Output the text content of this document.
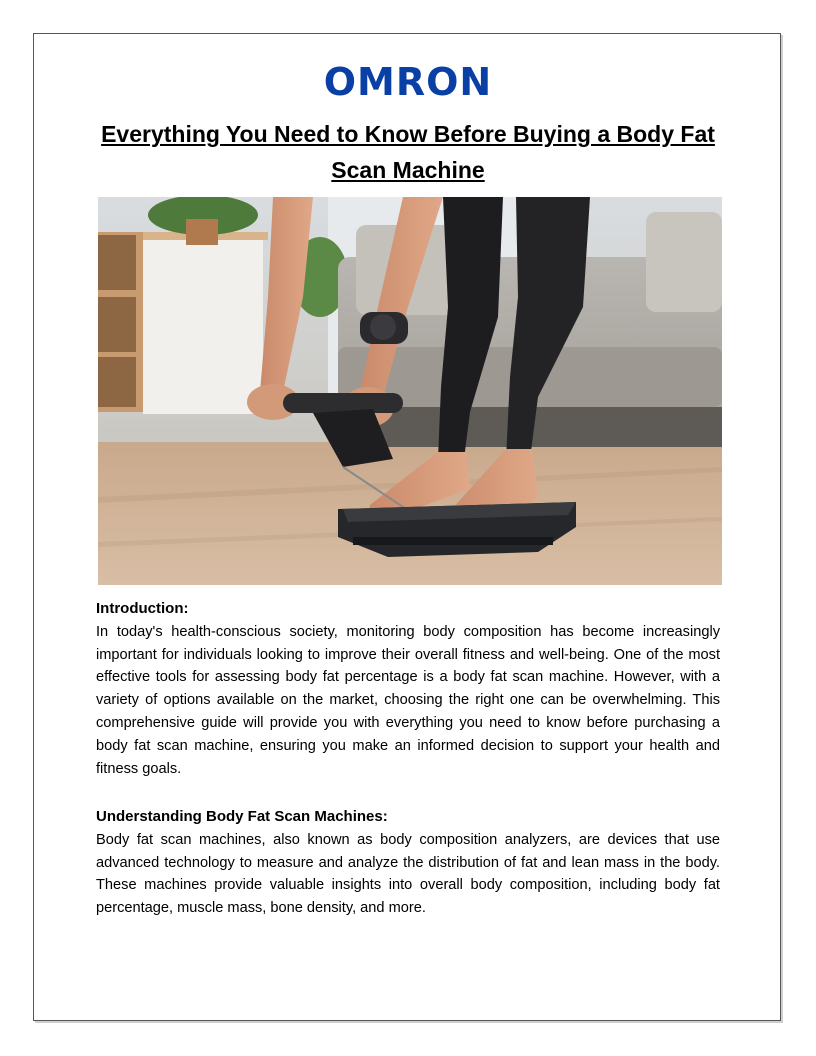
OMRON
Everything You Need to Know Before Buying a Body Fat Scan Machine
Introduction:

In today's health-conscious society, monitoring body composition has become increasingly important for individuals looking to improve their overall fitness and well-being. One of the most effective tools for assessing body fat percentage is a body fat scan machine. However, with a variety of options available on the market, choosing the right one can be overwhelming. This comprehensive guide will provide you with everything you need to know before purchasing a body fat scan machine, ensuring you make an informed decision to support your health and fitness goals.

Understanding Body Fat Scan Machines:

Body fat scan machines, also known as body composition analyzers, are devices that use advanced technology to measure and analyze the distribution of fat and lean mass in the body. These machines provide valuable insights into overall body composition, including body fat percentage, muscle mass, bone density, and more.
